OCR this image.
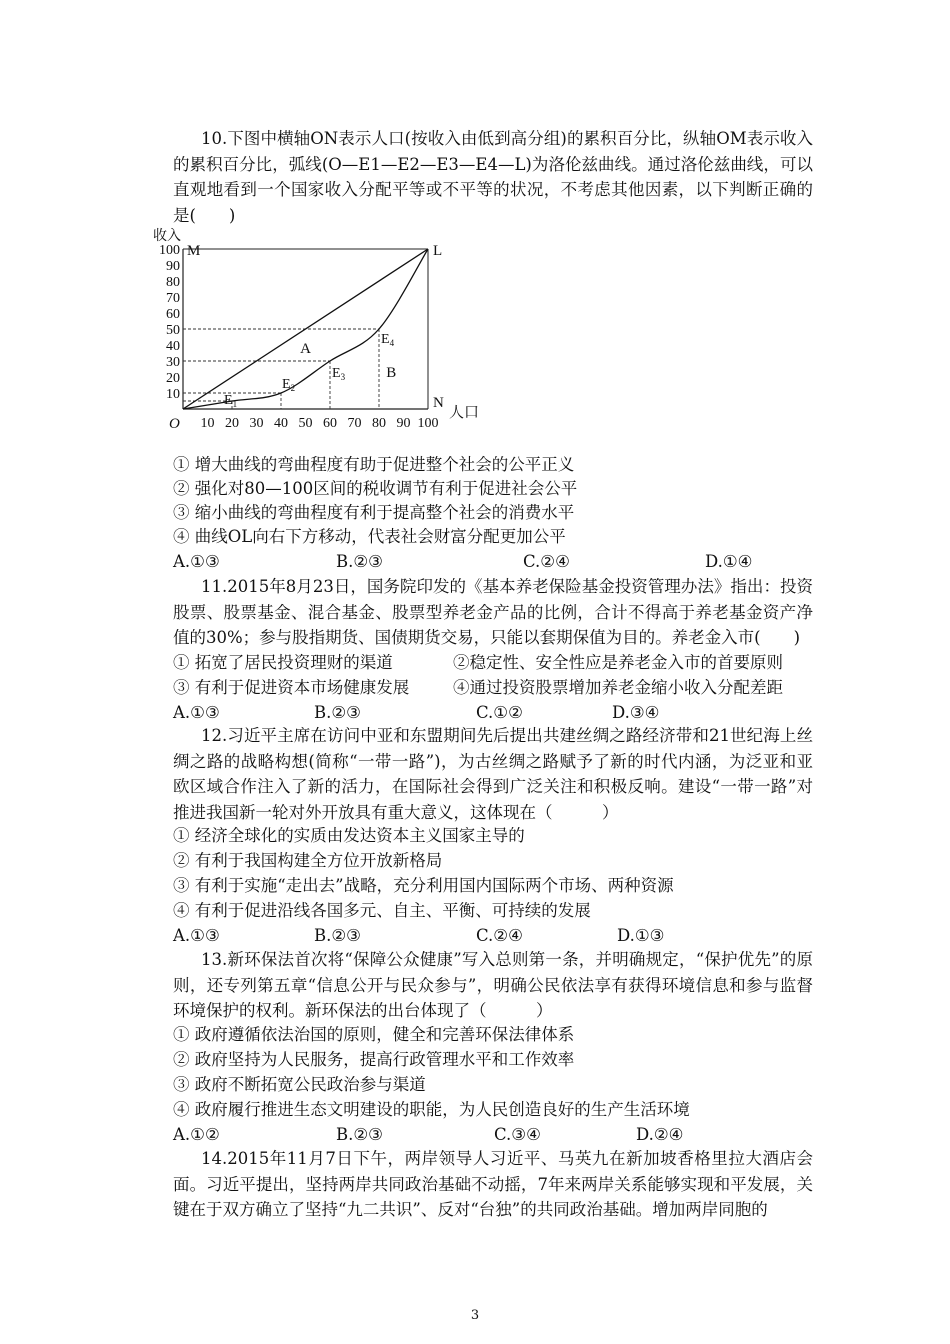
10.下图中横轴ON表示人口(按收入由低到高分组)的累积百分比，纵轴OM表示收入的累积百分比，弧线(O—E1—E2—E3—E4—L)为洛伦兹曲线。通过洛伦兹曲线，可以直观地看到一个国家收入分配平等或不平等的状况，不考虑其他因素，以下判断正确的是(　　)

10
20
30
40
50
60
70
80
90
100
10 20 30 40 50 60 70 80 90 100
收入
M	L
N
人口
O
$E_1$
$E_2$
$E_3$
$E_4$
A
B

① 增大曲线的弯曲程度有助于促进整个社会的公平正义

② 强化对80—100区间的税收调节有利于促进社会公平

③ 缩小曲线的弯曲程度有利于提高整个社会的消费水平

④ 曲线OL向右下方移动，代表社会财富分配更加公平

A.①③	B.②③	C.②④	D.①④

11.2015年8月23日，国务院印发的《基本养老保险基金投资管理办法》指出：投资股票、股票基金、混合基金、股票型养老金产品的比例，合计不得高于养老基金资产净值的30%；参与股指期货、国债期货交易，只能以套期保值为目的。养老金入市(　　)

① 拓宽了居民投资理财的渠道	②稳定性、安全性应是养老金入市的首要原则
③ 有利于促进资本市场健康发展	④通过投资股票增加养老金缩小收入分配差距
A.①③	B.②③	C.①②	D.③④

12.习近平主席在访问中亚和东盟期间先后提出共建丝绸之路经济带和21世纪海上丝绸之路的战略构想(简称“一带一路”)，为古丝绸之路赋予了新的时代内涵，为泛亚和亚欧区域合作注入了新的活力，在国际社会得到广泛关注和积极反响。建设“一带一路”对推进我国新一轮对外开放具有重大意义，这体现在（　　　）

① 经济全球化的实质由发达资本主义国家主导的

② 有利于我国构建全方位开放新格局

③ 有利于实施“走出去”战略，充分利用国内国际两个市场、两种资源

④ 有利于促进沿线各国多元、自主、平衡、可持续的发展

A.①③	B.②③	C.②④	D.①③

13.新环保法首次将“保障公众健康”写入总则第一条，并明确规定，“保护优先”的原则，还专列第五章“信息公开与民众参与”，明确公民依法享有获得环境信息和参与监督环境保护的权利。新环保法的出台体现了（　　　）

① 政府遵循依法治国的原则，健全和完善环保法律体系

② 政府坚持为人民服务，提高行政管理水平和工作效率

③ 政府不断拓宽公民政治参与渠道

④ 政府履行推进生态文明建设的职能，为人民创造良好的生产生活环境

A.①②	B.②③	C.③④	D.②④

14.2015年11月7日下午，两岸领导人习近平、马英九在新加坡香格里拉大酒店会面。习近平提出，坚持两岸共同政治基础不动摇，7年来两岸关系能够实现和平发展，关键在于双方确立了坚持“九二共识”、反对“台独”的共同政治基础。增加两岸同胞的

3
